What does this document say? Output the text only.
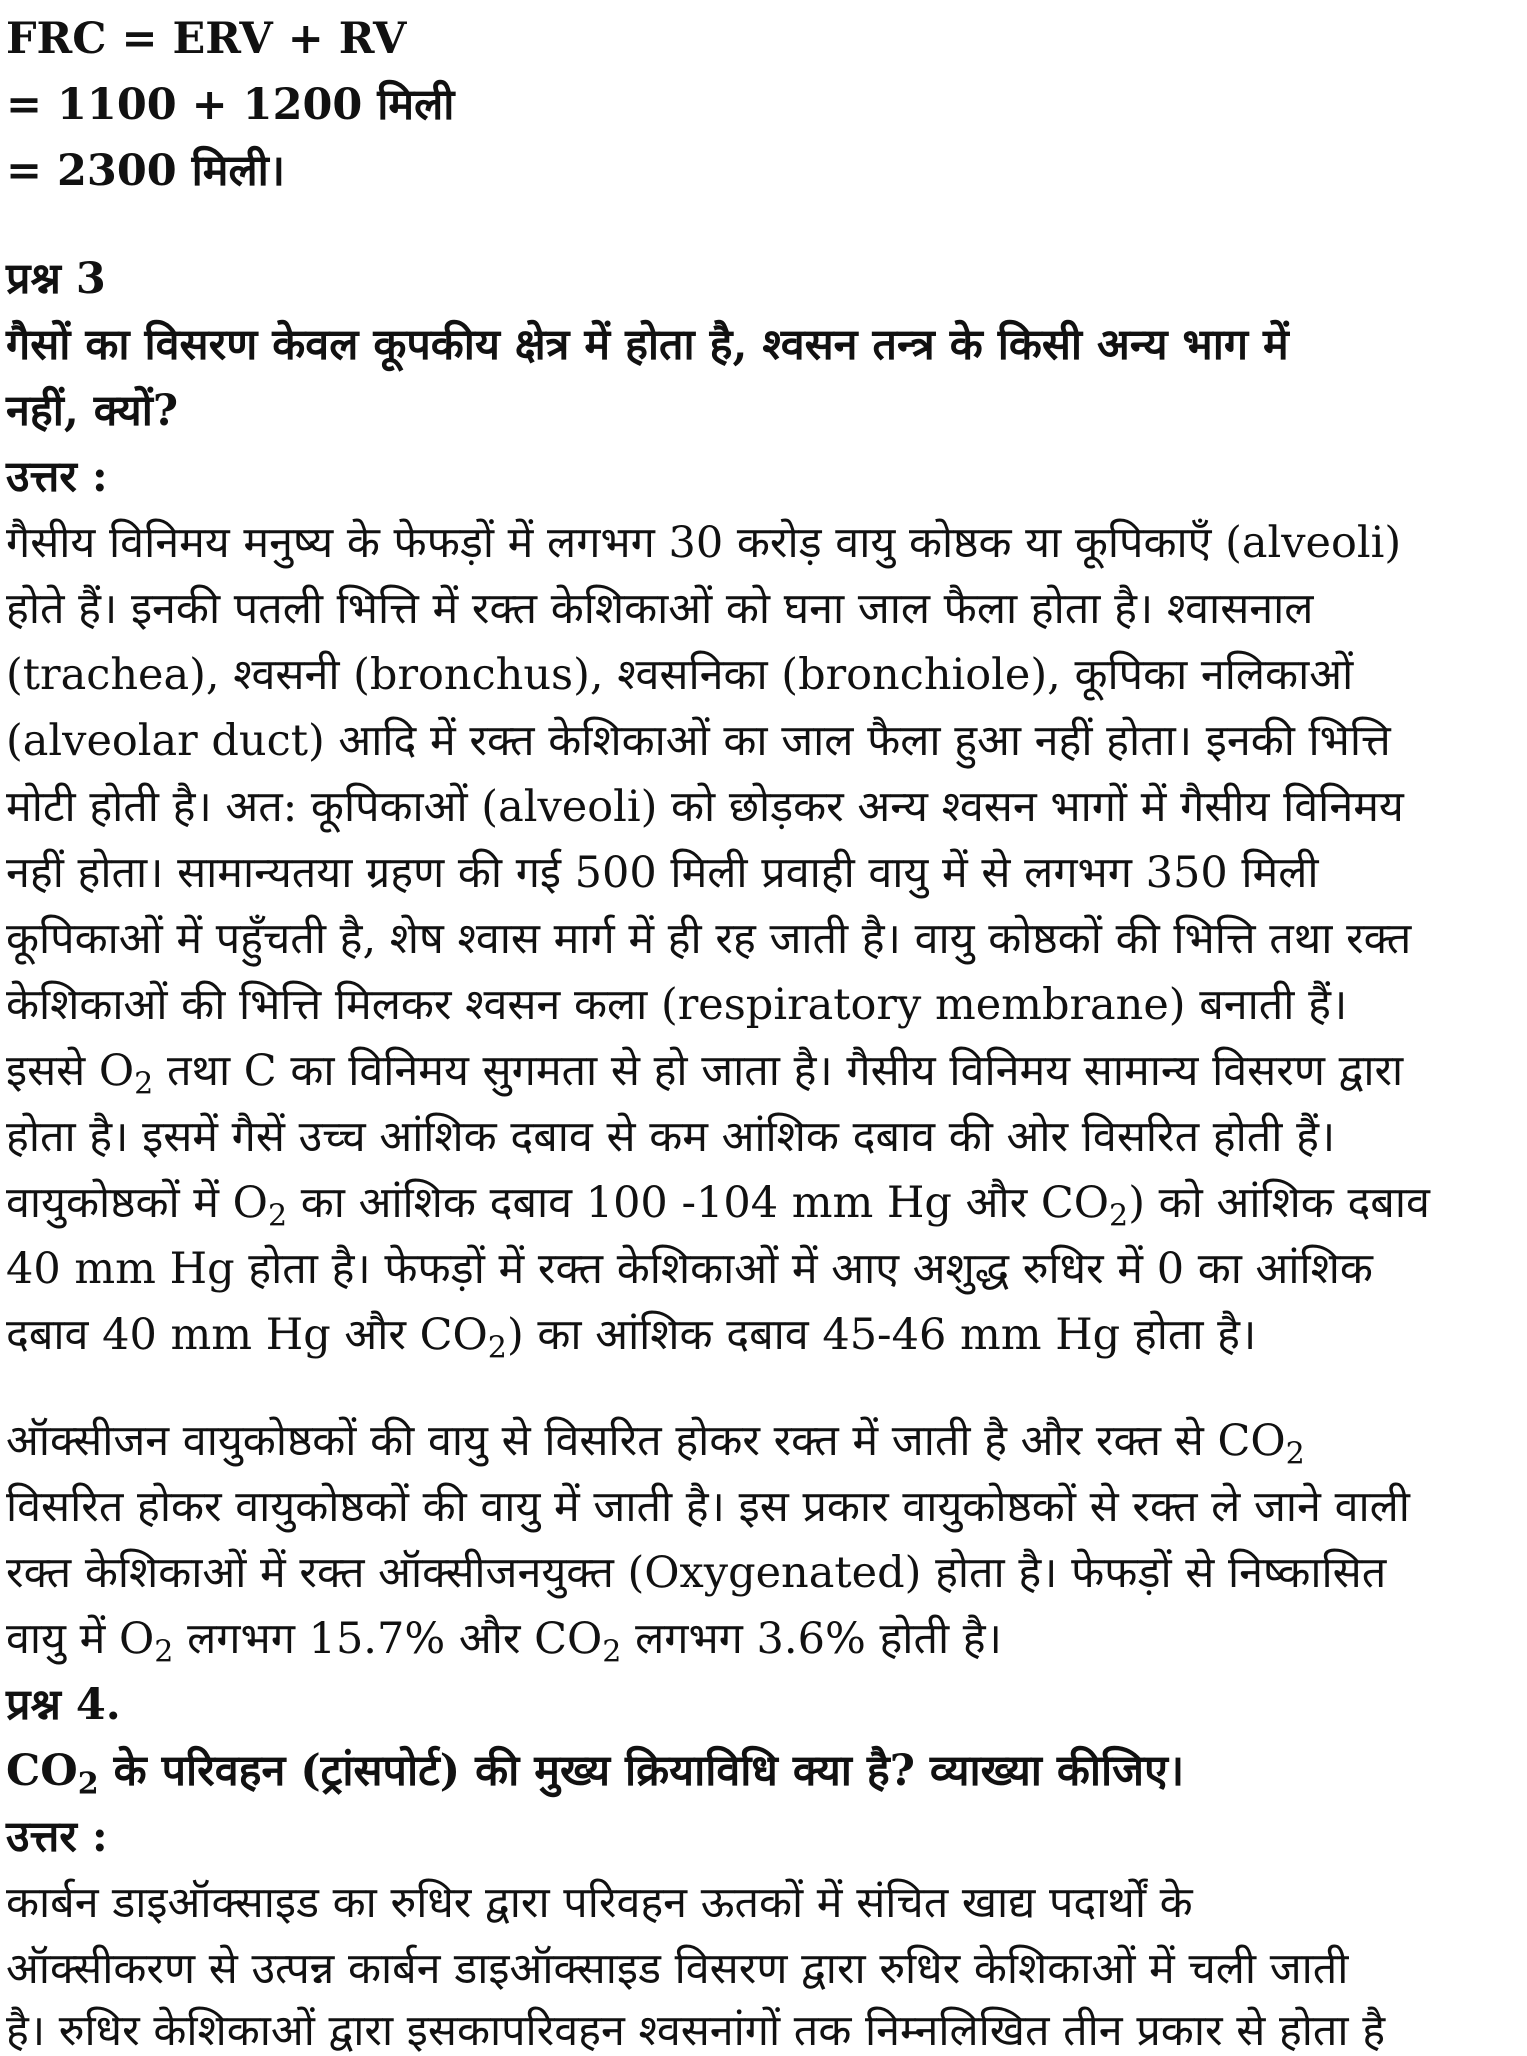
FRC = ERV + RV
= 1100 + 1200 मिली
= 2300 मिली।
प्रश्न 3
गैसों का विसरण केवल कूपकीय क्षेत्र में होता है, श्वसन तन्त्र के किसी अन्य भाग में
नहीं, क्यों?
उत्तर :
गैसीय विनिमय मनुष्य के फेफड़ों में लगभग 30 करोड़ वायु कोष्ठक या कूपिकाएँ (alveoli)
होते हैं। इनकी पतली भित्ति में रक्त केशिकाओं को घना जाल फैला होता है। श्वासनाल
(trachea), श्वसनी (bronchus), श्वसनिका (bronchiole), कूपिका नलिकाओं
(alveolar duct) आदि में रक्त केशिकाओं का जाल फैला हुआ नहीं होता। इनकी भित्ति
मोटी होती है। अत: कूपिकाओं (alveoli) को छोड़कर अन्य श्वसन भागों में गैसीय विनिमय
नहीं होता। सामान्यतया ग्रहण की गई 500 मिली प्रवाही वायु में से लगभग 350 मिली
कूपिकाओं में पहुँचती है, शेष श्वास मार्ग में ही रह जाती है। वायु कोष्ठकों की भित्ति तथा रक्त
केशिकाओं की भित्ति मिलकर श्वसन कला (respiratory membrane) बनाती हैं।
इससे $O_2$ तथा C का विनिमय सुगमता से हो जाता है। गैसीय विनिमय सामान्य विसरण द्वारा
होता है। इसमें गैसें उच्च आंशिक दबाव से कम आंशिक दबाव की ओर विसरित होती हैं।
वायुकोष्ठकों में $O_2$ का आंशिक दबाव 100 -104 mm Hg और $CO_2$) को आंशिक दबाव
40 mm Hg होता है। फेफड़ों में रक्त केशिकाओं में आए अशुद्ध रुधिर में 0 का आंशिक
दबाव 40 mm Hg और $CO_2$) का आंशिक दबाव 45-46 mm Hg होता है।
ऑक्सीजन वायुकोष्ठकों की वायु से विसरित होकर रक्त में जाती है और रक्त से $CO_2$
विसरित होकर वायुकोष्ठकों की वायु में जाती है। इस प्रकार वायुकोष्ठकों से रक्त ले जाने वाली
रक्त केशिकाओं में रक्त ऑक्सीजनयुक्त (Oxygenated) होता है। फेफड़ों से निष्कासित
वायु में $O_2$ लगभग 15.7% और $CO_2$ लगभग 3.6% होती है।
प्रश्न 4.
$CO_2$ के परिवहन (ट्रांसपोर्ट) की मुख्य क्रियाविधि क्या है? व्याख्या कीजिए।
उत्तर :
कार्बन डाइऑक्साइड का रुधिर द्वारा परिवहन ऊतकों में संचित खाद्य पदार्थों के
ऑक्सीकरण से उत्पन्न कार्बन डाइऑक्साइड विसरण द्वारा रुधिर केशिकाओं में चली जाती
है। रुधिर केशिकाओं द्वारा इसकापरिवहन श्वसनांगों तक निम्नलिखित तीन प्रकार से होता है
